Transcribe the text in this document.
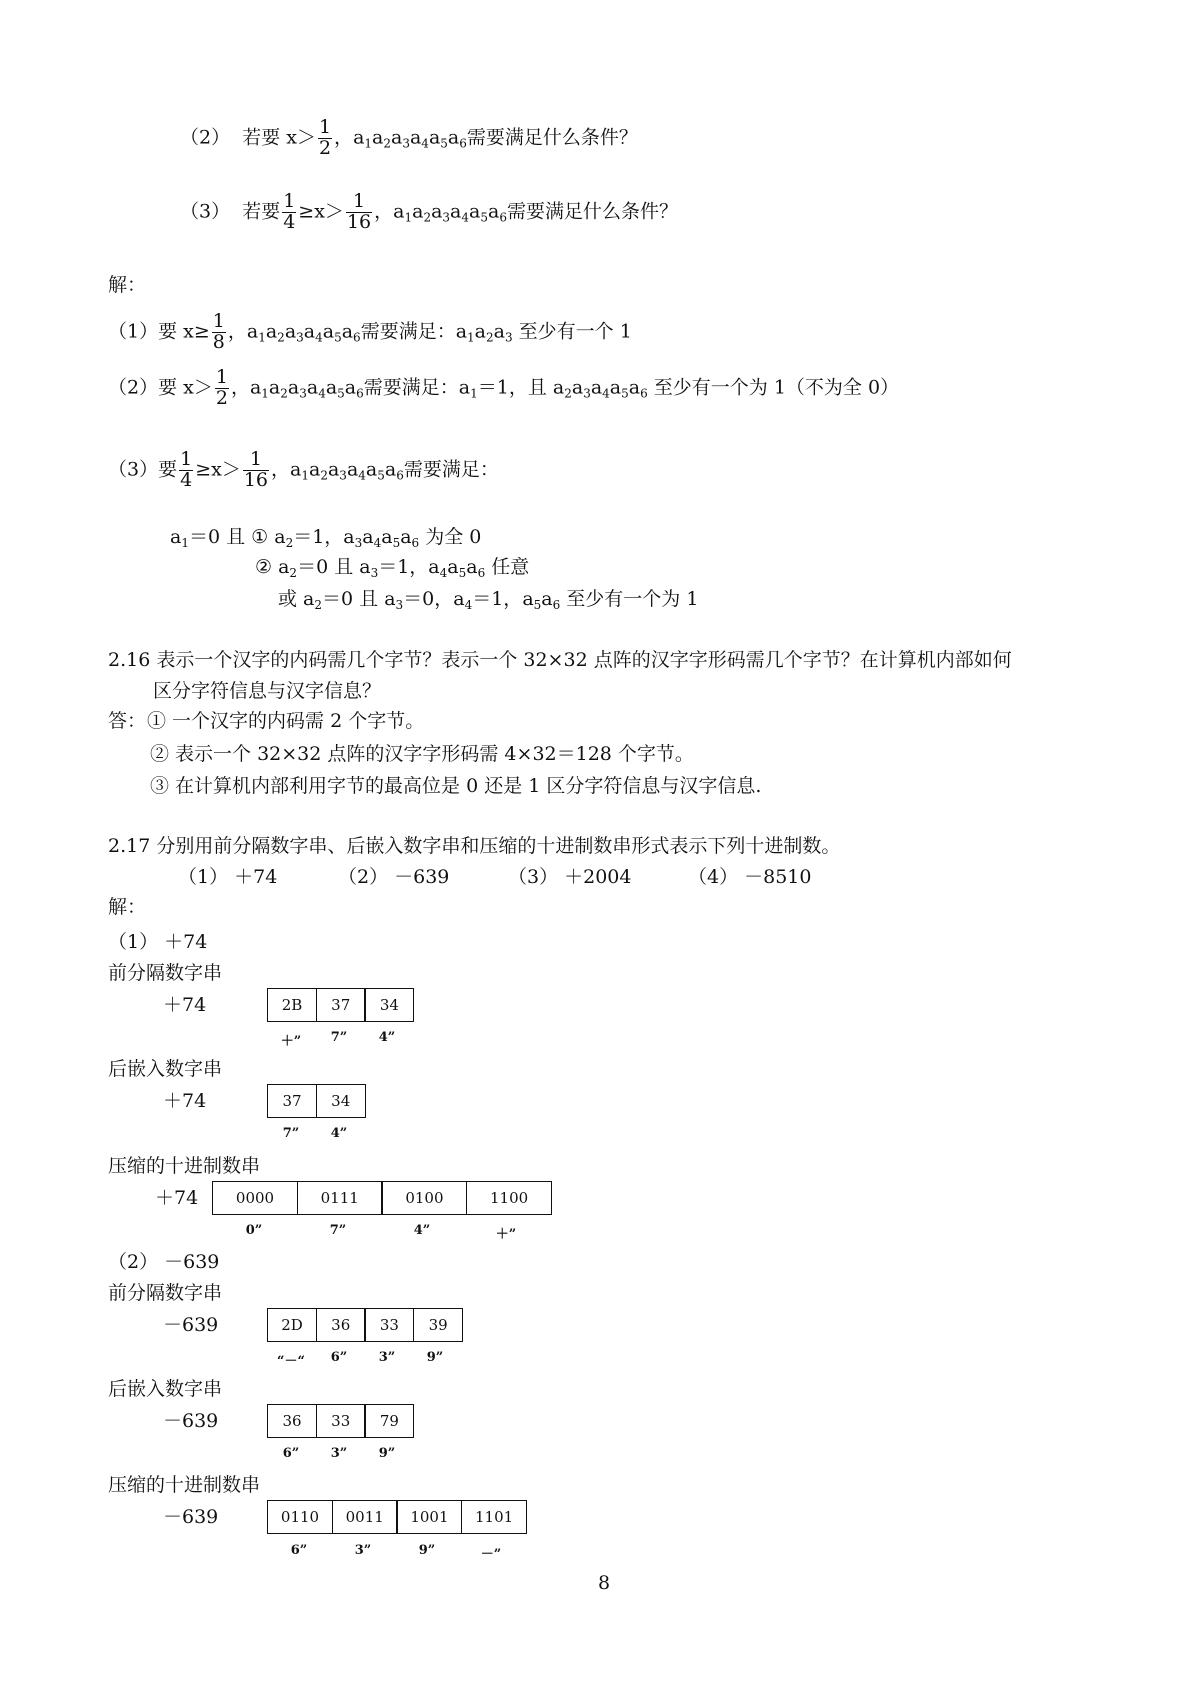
（2） 若要 $x> \frac{1}{2}$ ，$a_1a_2a_3a_4a_5a_6$需要满足什么条件？
（3） 若要 $\frac{1}{4} \ge x> \frac{1}{16}$ ，$a_1a_2a_3a_4a_5a_6$需要满足什么条件？
解：
（1）要 $x\ge \frac{1}{8}$ ，$a_1a_2a_3a_4a_5a_6$需要满足：$a_1a_2a_3$ 至少有一个 1
（2）要 $x> \frac{1}{2}$ ，$a_1a_2a_3a_4a_5a_6$需要满足：$a_1=1$，且 $a_2a_3a_4a_5a_6$ 至少有一个为 1（不为全 0）
（3）要 $\frac{1}{4} \ge x> \frac{1}{16}$ ，$a_1a_2a_3a_4a_5a_6$需要满足：
$a_1=0$ 且 ① $a_2=1$，$a_3a_4a_5a_6$ 为全 0
② $a_2=0$ 且 $a_3=1$，$a_4a_5a_6$ 任意
或 $a_2=0$ 且 $a_3=0$，$a_4=1$，$a_5a_6$ 至少有一个为 1
2.16 表示一个汉字的内码需几个字节？表示一个 32×32 点阵的汉字字形码需几个字节？在计算机内部如何
区分字符信息与汉字信息？
答： ① 一个汉字的内码需 2 个字节。
② 表示一个 32×32 点阵的汉字字形码需 4×32＝128 个字节。
③ 在计算机内部利用字节的最高位是 0 还是 1 区分字符信息与汉字信息.
2.17 分别用前分隔数字串、后嵌入数字串和压缩的十进制数串形式表示下列十进制数。
（1） ＋74	（2） －639	（3） ＋2004	（4） －8510
解：
（1） ＋74
前分隔数字串
＋74	2B	37	34
＋”	7”	4”
后嵌入数字串
＋74	37	34
7”	4”
压缩的十进制数串
＋74	0000	0111	0100	1100
0”	7”	4”	＋”
（2） －639
前分隔数字串
－639	2D	36	33	39
“－“	6”	3”	9”
后嵌入数字串
－639	36	33	79
6”	3”	9”
压缩的十进制数串
－639	0110	0011	1001	1101
6”	3”	9”	－”
8
